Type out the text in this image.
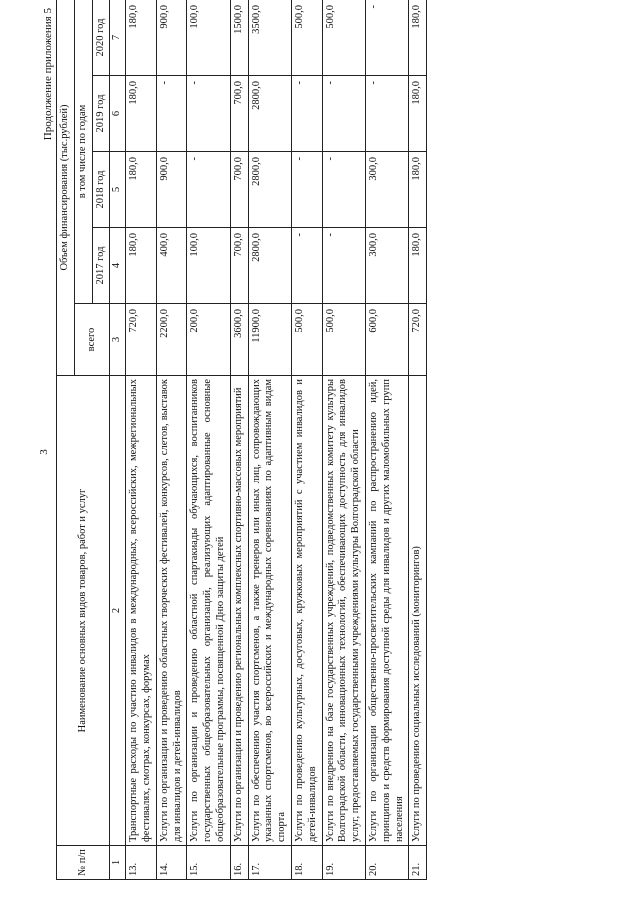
3
Продолжение приложения 5
№ п/п	Наименование основных видов товаров, работ и услуг	Объем финансирования (тыс.рублей)				
		всего	в том числе по годам			
			2017 год	2018 год	2019 год	2020 год
1	2	3	4	5	6	7
13.	Транспортные расходы по участию инвалидов в международных, всероссийских, межрегиональных фестивалях, смотрах, конкурсах, форумах	720,0	180,0	180,0	180,0	180,0
14.	Услуги по организации и проведению областных творческих фестивалей, конкурсов, слетов, выставок для инвалидов и детей-инвалидов	2200,0	400,0	900,0	-	900,0
15.	Услуги по организации и проведению областной спартакиады обучающихся, воспитанников государственных общеобразовательных организаций, реализующих адаптированные основные общеобразовательные программы, посвященной Дню защиты детей	200,0	100,0	-	-	100,0
16.	Услуги по организации и проведению региональных комплексных спортивно-массовых мероприятий	3600,0	700,0	700,0	700,0	1500,0
17.	Услуги по обеспечению участия спортсменов, а также тренеров или иных лиц, сопровождающих указанных спортсменов, во всероссийских и международных соревнованиях по адаптивным видам спорта	11900,0	2800,0	2800,0	2800,0	3500,0
18.	Услуги по проведению культурных, досуговых, кружковых мероприятий с участием инвалидов и детей-инвалидов	500,0	-	-	-	500,0
19.	Услуги по внедрению на базе государственных учреждений, подведомственных комитету культуры Волгоградской области, инновационных технологий, обеспечивающих доступность для инвалидов услуг, предоставляемых государственными учреждениями культуры Волгоградской области	500,0	-	-	-	500,0
20.	Услуги по организации общественно-просветительских кампаний по распространению идей, принципов и средств формирования доступной среды для инвалидов и других маломобильных групп населения	600,0	300,0	300,0	-	-
21.	Услуги по проведению социальных исследований (мониторингов)	720,0	180,0	180,0	180,0	180,0
